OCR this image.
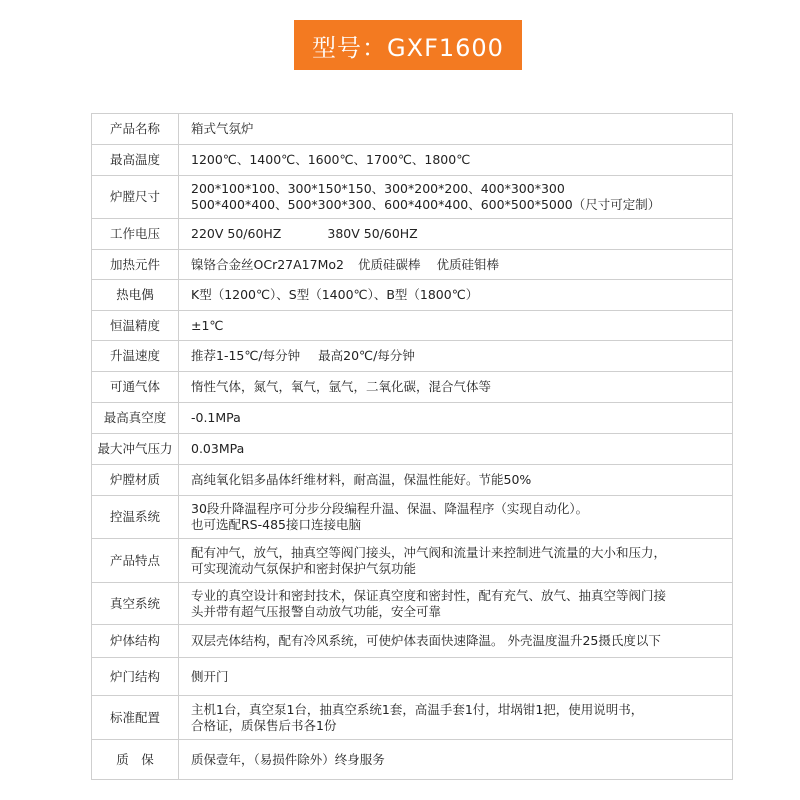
型号：GXF1600
产品名称	箱式气氛炉

最高温度	1200℃、1400℃、1600℃、1700℃、1800℃

炉膛尺寸	200*100*100、300*150*150、300*200*200、400*300*300
500*400*400、500*300*300、600*400*400、600*500*5000（尺寸可定制）

工作电压	220V 50/60HZ 380V 50/60HZ

加热元件	镍铬合金丝OCr27A17Mo2 优质硅碳棒 优质硅钼棒

热电偶	K型（1200℃）、S型（1400℃）、B型（1800℃）

恒温精度	±1℃

升温速度	推荐1-15℃/每分钟 最高20℃/每分钟

可通气体	惰性气体，氮气，氧气，氩气，二氧化碳，混合气体等

最高真空度	-0.1MPa

最大冲气压力	0.03MPa

炉膛材质	高纯氧化铝多晶体纤维材料，耐高温，保温性能好。节能50%

控温系统	30段升降温程序可分步分段编程升温、保温、降温程序（实现自动化）。
也可选配RS-485接口连接电脑

产品特点	配有冲气，放气，抽真空等阀门接头，冲气阀和流量计来控制进气流量的大小和压力，
可实现流动气氛保护和密封保护气氛功能

真空系统	专业的真空设计和密封技术，保证真空度和密封性，配有充气、放气、抽真空等阀门接
头并带有超气压报警自动放气功能，安全可靠

炉体结构	双层壳体结构，配有冷风系统，可使炉体表面快速降温。 外壳温度温升25摄氏度以下

炉门结构	侧开门

标准配置	主机1台，真空泵1台，抽真空系统1套，高温手套1付，坩埚钳1把，使用说明书，
合格证，质保售后书各1份

质　保	质保壹年，（易损件除外）终身服务
